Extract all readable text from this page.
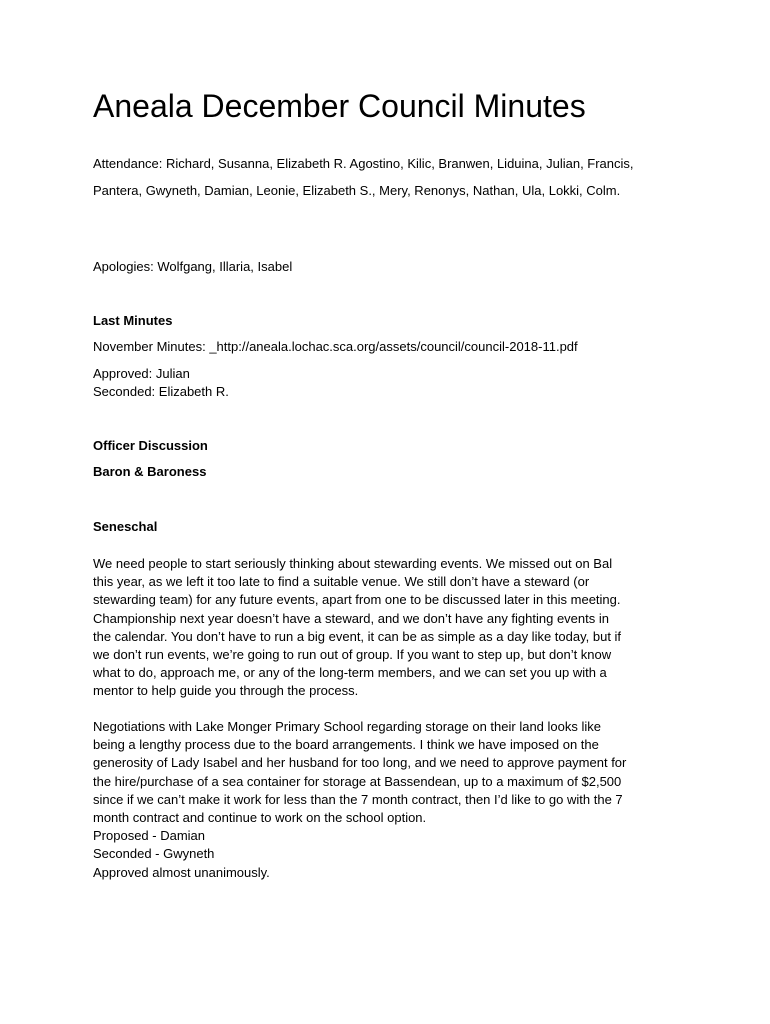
Aneala December Council Minutes

Attendance: Richard, Susanna, Elizabeth R. Agostino, Kilic, Branwen, Liduina, Julian, Francis, Pantera, Gwyneth, Damian, Leonie, Elizabeth S., Mery, Renonys, Nathan, Ula, Lokki, Colm.

Apologies: Wolfgang, Illaria, Isabel

Last Minutes

November Minutes: _http://aneala.lochac.sca.org/assets/council/council-2018-11.pdf

Approved: Julian

Seconded: Elizabeth R.

Officer Discussion

Baron & Baroness

Seneschal

We need people to start seriously thinking about stewarding events. We missed out on Bal
this year, as we left it too late to find a suitable venue. We still don’t have a steward (or
stewarding team) for any future events, apart from one to be discussed later in this meeting.
Championship next year doesn’t have a steward, and we don’t have any fighting events in
the calendar. You don’t have to run a big event, it can be as simple as a day like today, but if
we don’t run events, we’re going to run out of group. If you want to step up, but don’t know
what to do, approach me, or any of the long-term members, and we can set you up with a
mentor to help guide you through the process.
Negotiations with Lake Monger Primary School regarding storage on their land looks like
being a lengthy process due to the board arrangements. I think we have imposed on the
generosity of Lady Isabel and her husband for too long, and we need to approve payment for
the hire/purchase of a sea container for storage at Bassendean, up to a maximum of $2,500
since if we can’t make it work for less than the 7 month contract, then I’d like to go with the 7
month contract and continue to work on the school option.
Proposed - Damian
Seconded - Gwyneth
Approved almost unanimously.
